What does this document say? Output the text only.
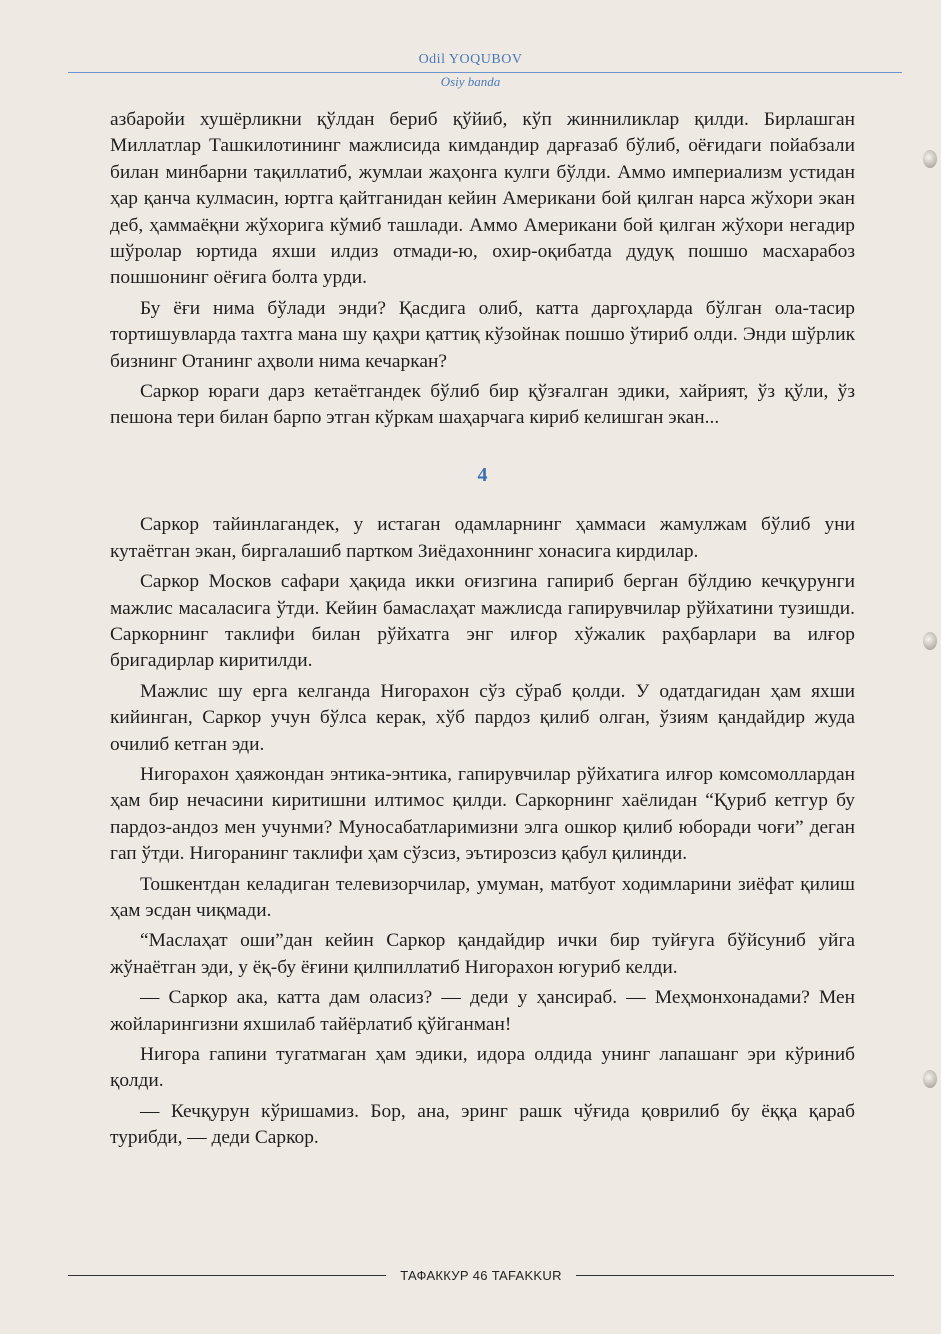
Odil YOQUBOV
Osiy banda

азбаройи хушёрликни қўлдан бериб қўйиб, кўп жинниликлар қилди. Бирлашган Миллатлар Ташкилотининг мажлисида кимдандир дарғазаб бўлиб, оёғидаги пойабзали билан минбарни тақиллатиб, жумлаи жаҳонга кулги бўлди. Аммо империализм устидан ҳар қанча кулмасин, юртга қайтганидан кейин Американи бой қилган нарса жўхори экан деб, ҳаммаёқни жўхорига кўмиб ташлади. Аммо Американи бой қилган жўхори негадир шўролар юртида яхши илдиз отмади-ю, охир-оқибатда дудуқ пошшо масхарабоз пошшонинг оёғига болта урди.

Бу ёғи нима бўлади энди? Қасдига олиб, катта даргоҳларда бўлган ола-тасир тортишувларда тахтга мана шу қаҳри қаттиқ кўзойнак пошшо ўтириб олди. Энди шўрлик бизнинг Отанинг аҳволи нима кечаркан?

Саркор юраги дарз кетаётгандек бўлиб бир қўзғалган эдики, хайрият, ўз қўли, ўз пешона тери билан барпо этган кўркам шаҳарчага кириб келишган экан...

4

Саркор тайинлагандек, у истаган одамларнинг ҳаммаси жамулжам бўлиб уни кутаётган экан, биргалашиб партком Зиёдахоннинг хонасига кирдилар.

Саркор Москов сафари ҳақида икки оғизгина гапириб берган бўлдию кечқурунги мажлис масаласига ўтди. Кейин бамаслаҳат мажлисда гапирувчилар рўйхатини тузишди. Саркорнинг таклифи билан рўйхатга энг илғор хўжалик раҳбарлари ва илғор бригадирлар киритилди.

Мажлис шу ерга келганда Нигорахон сўз сўраб қолди. У одатдагидан ҳам яхши кийинган, Саркор учун бўлса керак, хўб пардоз қилиб олган, ўзиям қандайдир жуда очилиб кетган эди.

Нигорахон ҳаяжондан энтика-энтика, гапирувчилар рўйхатига илғор комсомоллардан ҳам бир нечасини киритишни илтимос қилди. Саркорнинг хаёлидан “Қуриб кетгур бу пардоз-андоз мен учунми? Муносабатларимизни элга ошкор қилиб юборади чоғи” деган гап ўтди. Нигоранинг таклифи ҳам сўзсиз, эътирозсиз қабул қилинди.

Тошкентдан келадиган телевизорчилар, умуман, матбуот ходимларини зиёфат қилиш ҳам эсдан чиқмади.

“Маслаҳат оши”дан кейин Саркор қандайдир ички бир туйғуга бўйсуниб уйга жўнаётган эди, у ёқ-бу ёғини қилпиллатиб Нигорахон югуриб келди.

— Саркор ака, катта дам оласиз? — деди у ҳансираб. — Меҳмонхонадами? Мен жойларингизни яхшилаб тайёрлатиб қўйганман!

Нигора гапини тугатмаган ҳам эдики, идора олдида унинг лапашанг эри кўриниб қолди.

— Кечқурун кўришамиз. Бор, ана, эринг рашк чўғида қоврилиб бу ёққа қараб турибди, — деди Саркор.

ТАФАККУР 46 TAFAKKUR
